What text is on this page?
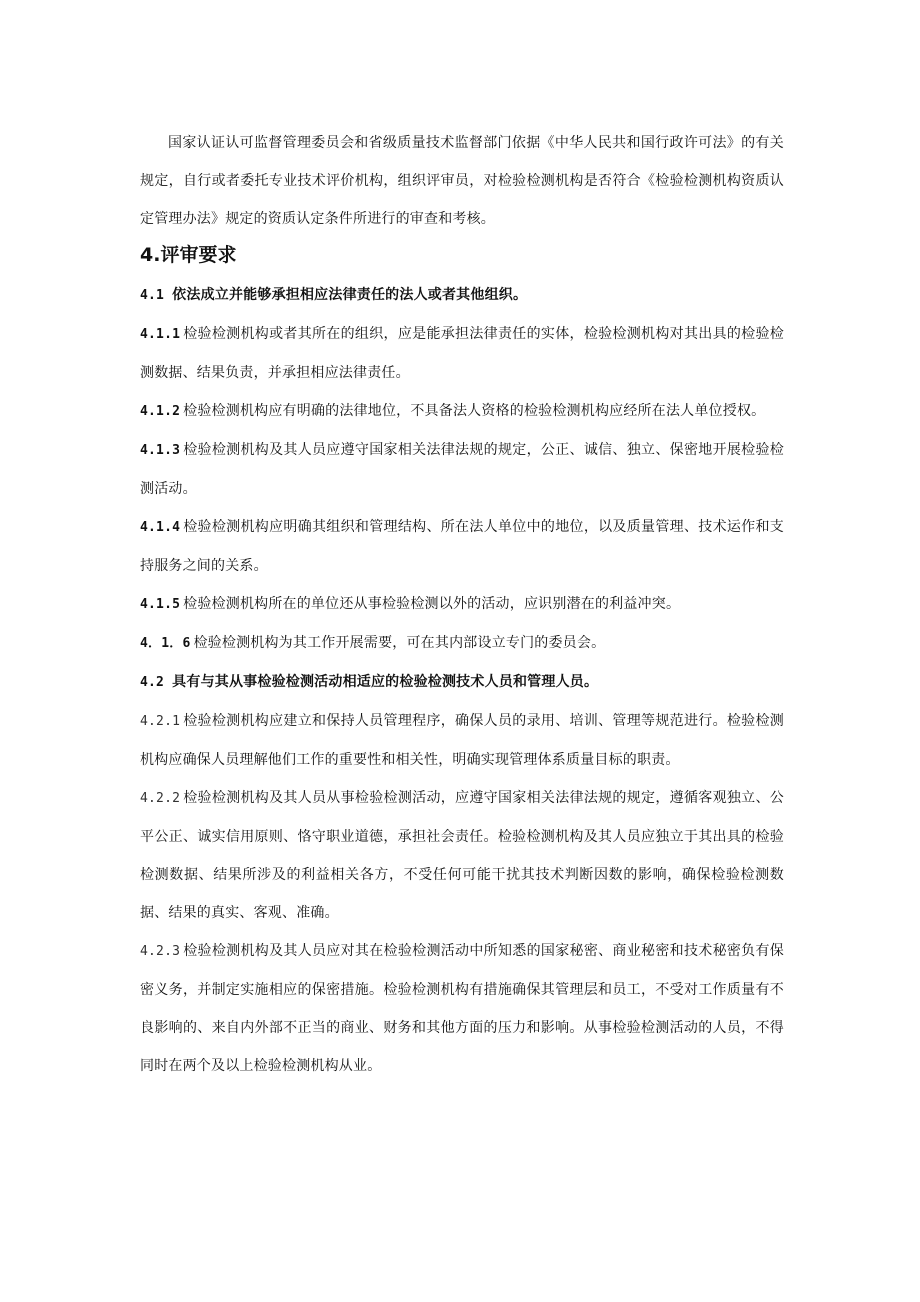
国家认证认可监督管理委员会和省级质量技术监督部门依据《中华人民共和国行政许可法》的有关规定，自行或者委托专业技术评价机构，组织评审员，对检验检测机构是否符合《检验检测机构资质认定管理办法》规定的资质认定条件所进行的审查和考核。

4.评审要求

4.1 依法成立并能够承担相应法律责任的法人或者其他组织。

4.1.1 检验检测机构或者其所在的组织，应是能承担法律责任的实体，检验检测机构对其出具的检验检测数据、结果负责，并承担相应法律责任。

4.1.2 检验检测机构应有明确的法律地位，不具备法人资格的检验检测机构应经所在法人单位授权。

4.1.3 检验检测机构及其人员应遵守国家相关法律法规的规定，公正、诚信、独立、保密地开展检验检测活动。

4.1.4 检验检测机构应明确其组织和管理结构、所在法人单位中的地位，以及质量管理、技术运作和支持服务之间的关系。

4.1.5 检验检测机构所在的单位还从事检验检测以外的活动，应识别潜在的利益冲突。

4．1．6 检验检测机构为其工作开展需要，可在其内部设立专门的委员会。

4.2 具有与其从事检验检测活动相适应的检验检测技术人员和管理人员。

4.2.1 检验检测机构应建立和保持人员管理程序，确保人员的录用、培训、管理等规范进行。检验检测机构应确保人员理解他们工作的重要性和相关性，明确实现管理体系质量目标的职责。

4.2.2 检验检测机构及其人员从事检验检测活动，应遵守国家相关法律法规的规定，遵循客观独立、公平公正、诚实信用原则、恪守职业道德，承担社会责任。检验检测机构及其人员应独立于其出具的检验检测数据、结果所涉及的利益相关各方，不受任何可能干扰其技术判断因数的影响，确保检验检测数据、结果的真实、客观、准确。

4.2.3 检验检测机构及其人员应对其在检验检测活动中所知悉的国家秘密、商业秘密和技术秘密负有保密义务，并制定实施相应的保密措施。检验检测机构有措施确保其管理层和员工，不受对工作质量有不良影响的、来自内外部不正当的商业、财务和其他方面的压力和影响。从事检验检测活动的人员，不得同时在两个及以上检验检测机构从业。
